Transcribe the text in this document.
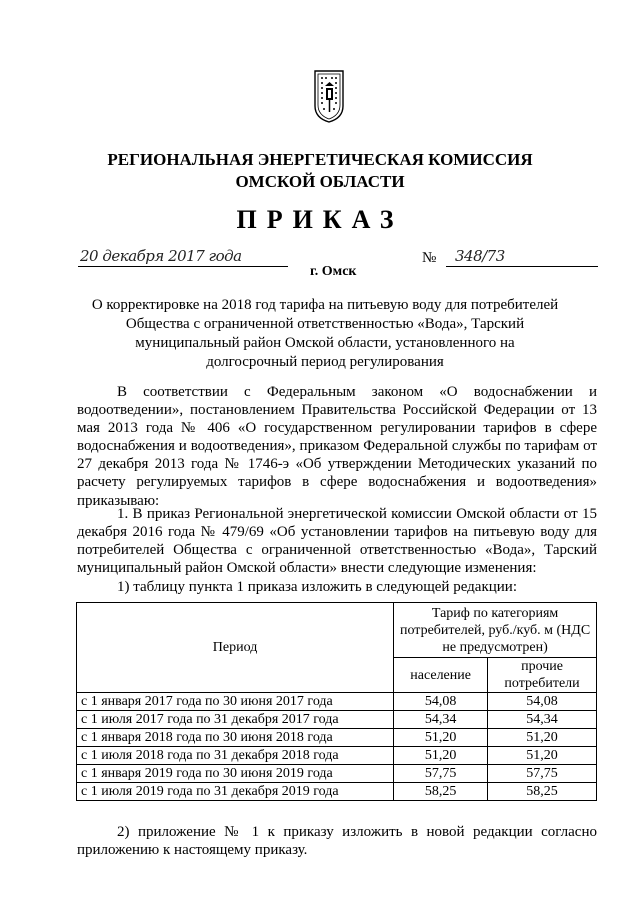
РЕГИОНАЛЬНАЯ ЭНЕРГЕТИЧЕСКАЯ КОМИССИЯ
ОМСКОЙ ОБЛАСТИ
ПРИКАЗ
20 декабря 2017 года	№ 348/73
г. Омск
О корректировке на 2018 год тарифа на питьевую воду для потребителей
Общества с ограниченной ответственностью «Вода», Тарский
муниципальный район Омской области, установленного на
долгосрочный период регулирования
В соответствии с Федеральным законом «О водоснабжении и водоотведении», постановлением Правительства Российской Федерации от 13 мая 2013 года № 406 «О государственном регулировании тарифов в сфере водоснабжения и водоотведения», приказом Федеральной службы по тарифам от 27 декабря 2013 года № 1746-э «Об утверждении Методических указаний по расчету регулируемых тарифов в сфере водоснабжения и водоотведения» приказываю:
1. В приказ Региональной энергетической комиссии Омской области от 15 декабря 2016 года № 479/69 «Об установлении тарифов на питьевую воду для потребителей Общества с ограниченной ответственностью «Вода», Тарский муниципальный район Омской области» внести следующие изменения:
1) таблицу пункта 1 приказа изложить в следующей редакции:
Период	Тариф по категориям потребителей, руб./куб. м (НДС не предусмотрен)	
	население	прочие потребители
с 1 января 2017 года по 30 июня 2017 года	54,08	54,08
с 1 июля 2017 года по 31 декабря 2017 года	54,34	54,34
с 1 января 2018 года по 30 июня 2018 года	51,20	51,20
с 1 июля 2018 года по 31 декабря 2018 года	51,20	51,20
с 1 января 2019 года по 30 июня 2019 года	57,75	57,75
с 1 июля 2019 года по 31 декабря 2019 года	58,25	58,25
2) приложение № 1 к приказу изложить в новой редакции согласно приложению к настоящему приказу.
